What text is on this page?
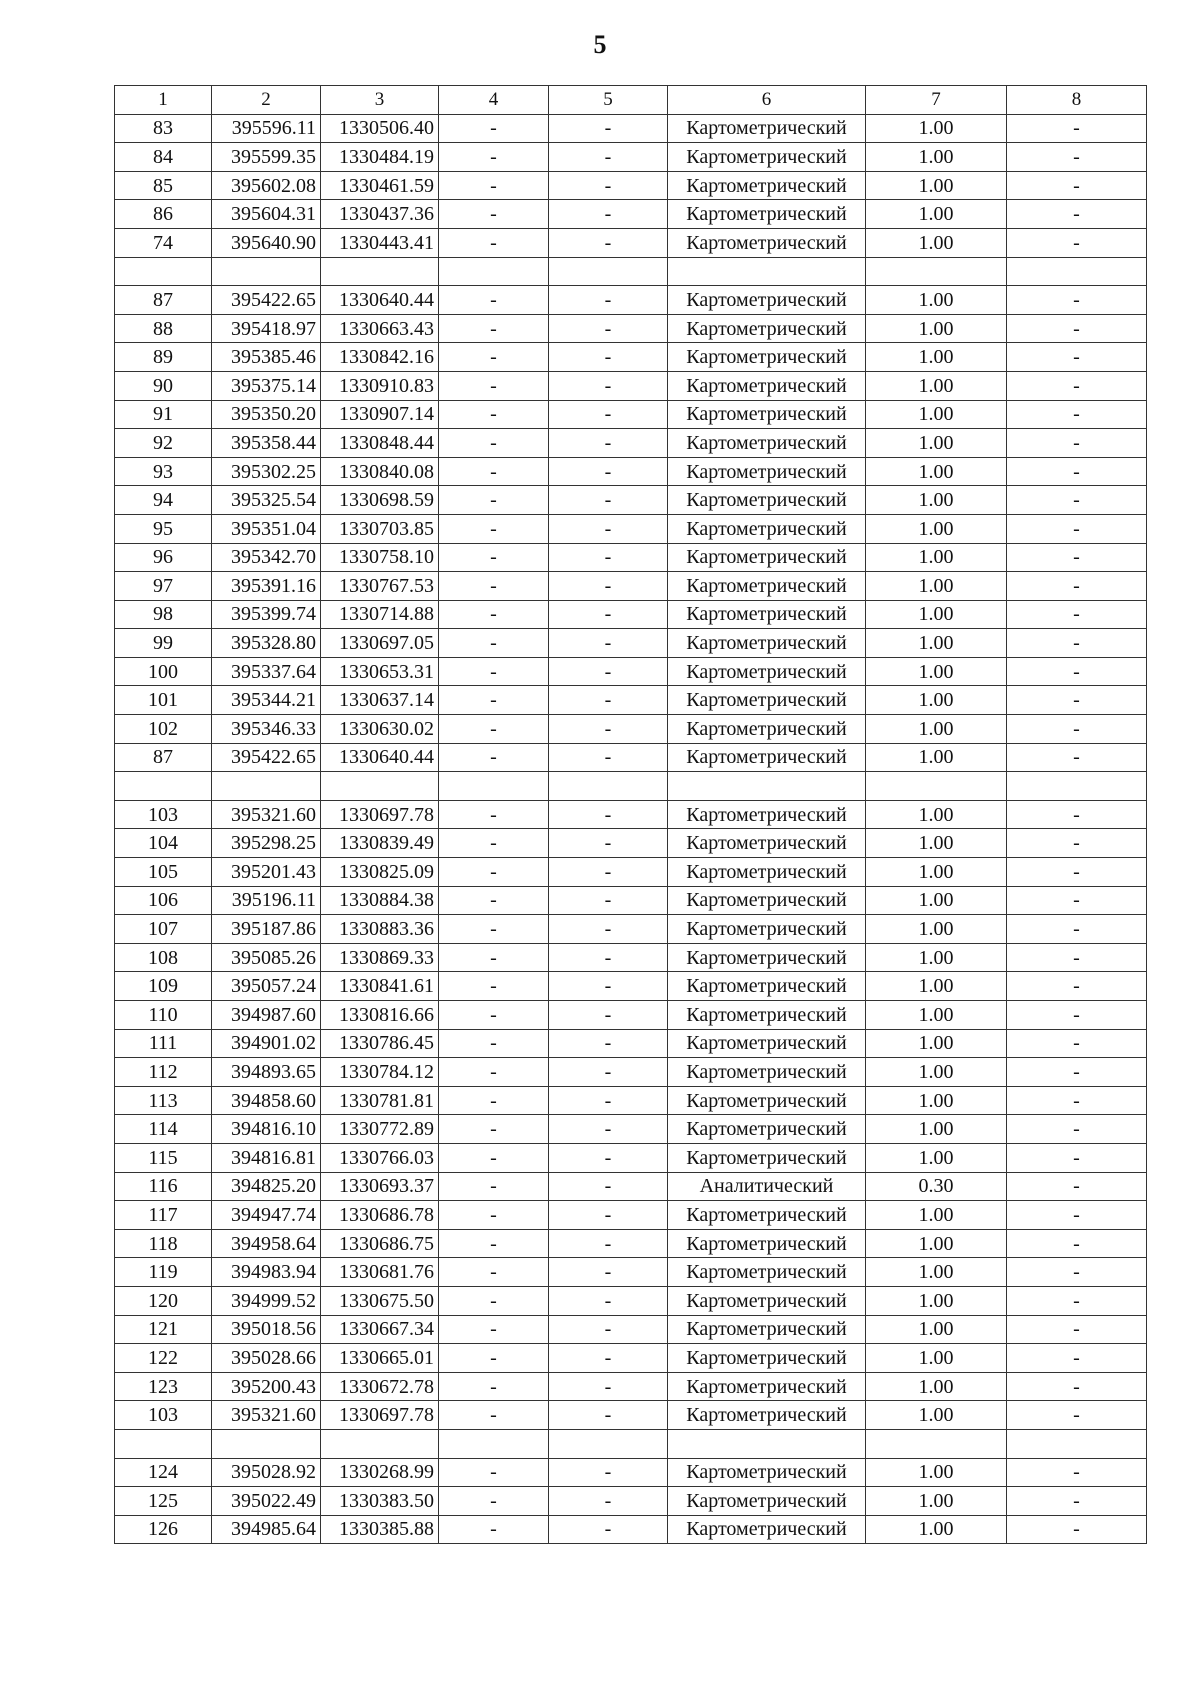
5
1	2	3	4	5	6	7	8
83	395596.11	1330506.40	-	-	Картометрический	1.00	-
84	395599.35	1330484.19	-	-	Картометрический	1.00	-
85	395602.08	1330461.59	-	-	Картометрический	1.00	-
86	395604.31	1330437.36	-	-	Картометрический	1.00	-
74	395640.90	1330443.41	-	-	Картометрический	1.00	-

87	395422.65	1330640.44	-	-	Картометрический	1.00	-
88	395418.97	1330663.43	-	-	Картометрический	1.00	-
89	395385.46	1330842.16	-	-	Картометрический	1.00	-
90	395375.14	1330910.83	-	-	Картометрический	1.00	-
91	395350.20	1330907.14	-	-	Картометрический	1.00	-
92	395358.44	1330848.44	-	-	Картометрический	1.00	-
93	395302.25	1330840.08	-	-	Картометрический	1.00	-
94	395325.54	1330698.59	-	-	Картометрический	1.00	-
95	395351.04	1330703.85	-	-	Картометрический	1.00	-
96	395342.70	1330758.10	-	-	Картометрический	1.00	-
97	395391.16	1330767.53	-	-	Картометрический	1.00	-
98	395399.74	1330714.88	-	-	Картометрический	1.00	-
99	395328.80	1330697.05	-	-	Картометрический	1.00	-
100	395337.64	1330653.31	-	-	Картометрический	1.00	-
101	395344.21	1330637.14	-	-	Картометрический	1.00	-
102	395346.33	1330630.02	-	-	Картометрический	1.00	-
87	395422.65	1330640.44	-	-	Картометрический	1.00	-

103	395321.60	1330697.78	-	-	Картометрический	1.00	-
104	395298.25	1330839.49	-	-	Картометрический	1.00	-
105	395201.43	1330825.09	-	-	Картометрический	1.00	-
106	395196.11	1330884.38	-	-	Картометрический	1.00	-
107	395187.86	1330883.36	-	-	Картометрический	1.00	-
108	395085.26	1330869.33	-	-	Картометрический	1.00	-
109	395057.24	1330841.61	-	-	Картометрический	1.00	-
110	394987.60	1330816.66	-	-	Картометрический	1.00	-
111	394901.02	1330786.45	-	-	Картометрический	1.00	-
112	394893.65	1330784.12	-	-	Картометрический	1.00	-
113	394858.60	1330781.81	-	-	Картометрический	1.00	-
114	394816.10	1330772.89	-	-	Картометрический	1.00	-
115	394816.81	1330766.03	-	-	Картометрический	1.00	-
116	394825.20	1330693.37	-	-	Аналитический	0.30	-
117	394947.74	1330686.78	-	-	Картометрический	1.00	-
118	394958.64	1330686.75	-	-	Картометрический	1.00	-
119	394983.94	1330681.76	-	-	Картометрический	1.00	-
120	394999.52	1330675.50	-	-	Картометрический	1.00	-
121	395018.56	1330667.34	-	-	Картометрический	1.00	-
122	395028.66	1330665.01	-	-	Картометрический	1.00	-
123	395200.43	1330672.78	-	-	Картометрический	1.00	-
103	395321.60	1330697.78	-	-	Картометрический	1.00	-

124	395028.92	1330268.99	-	-	Картометрический	1.00	-
125	395022.49	1330383.50	-	-	Картометрический	1.00	-
126	394985.64	1330385.88	-	-	Картометрический	1.00	-
